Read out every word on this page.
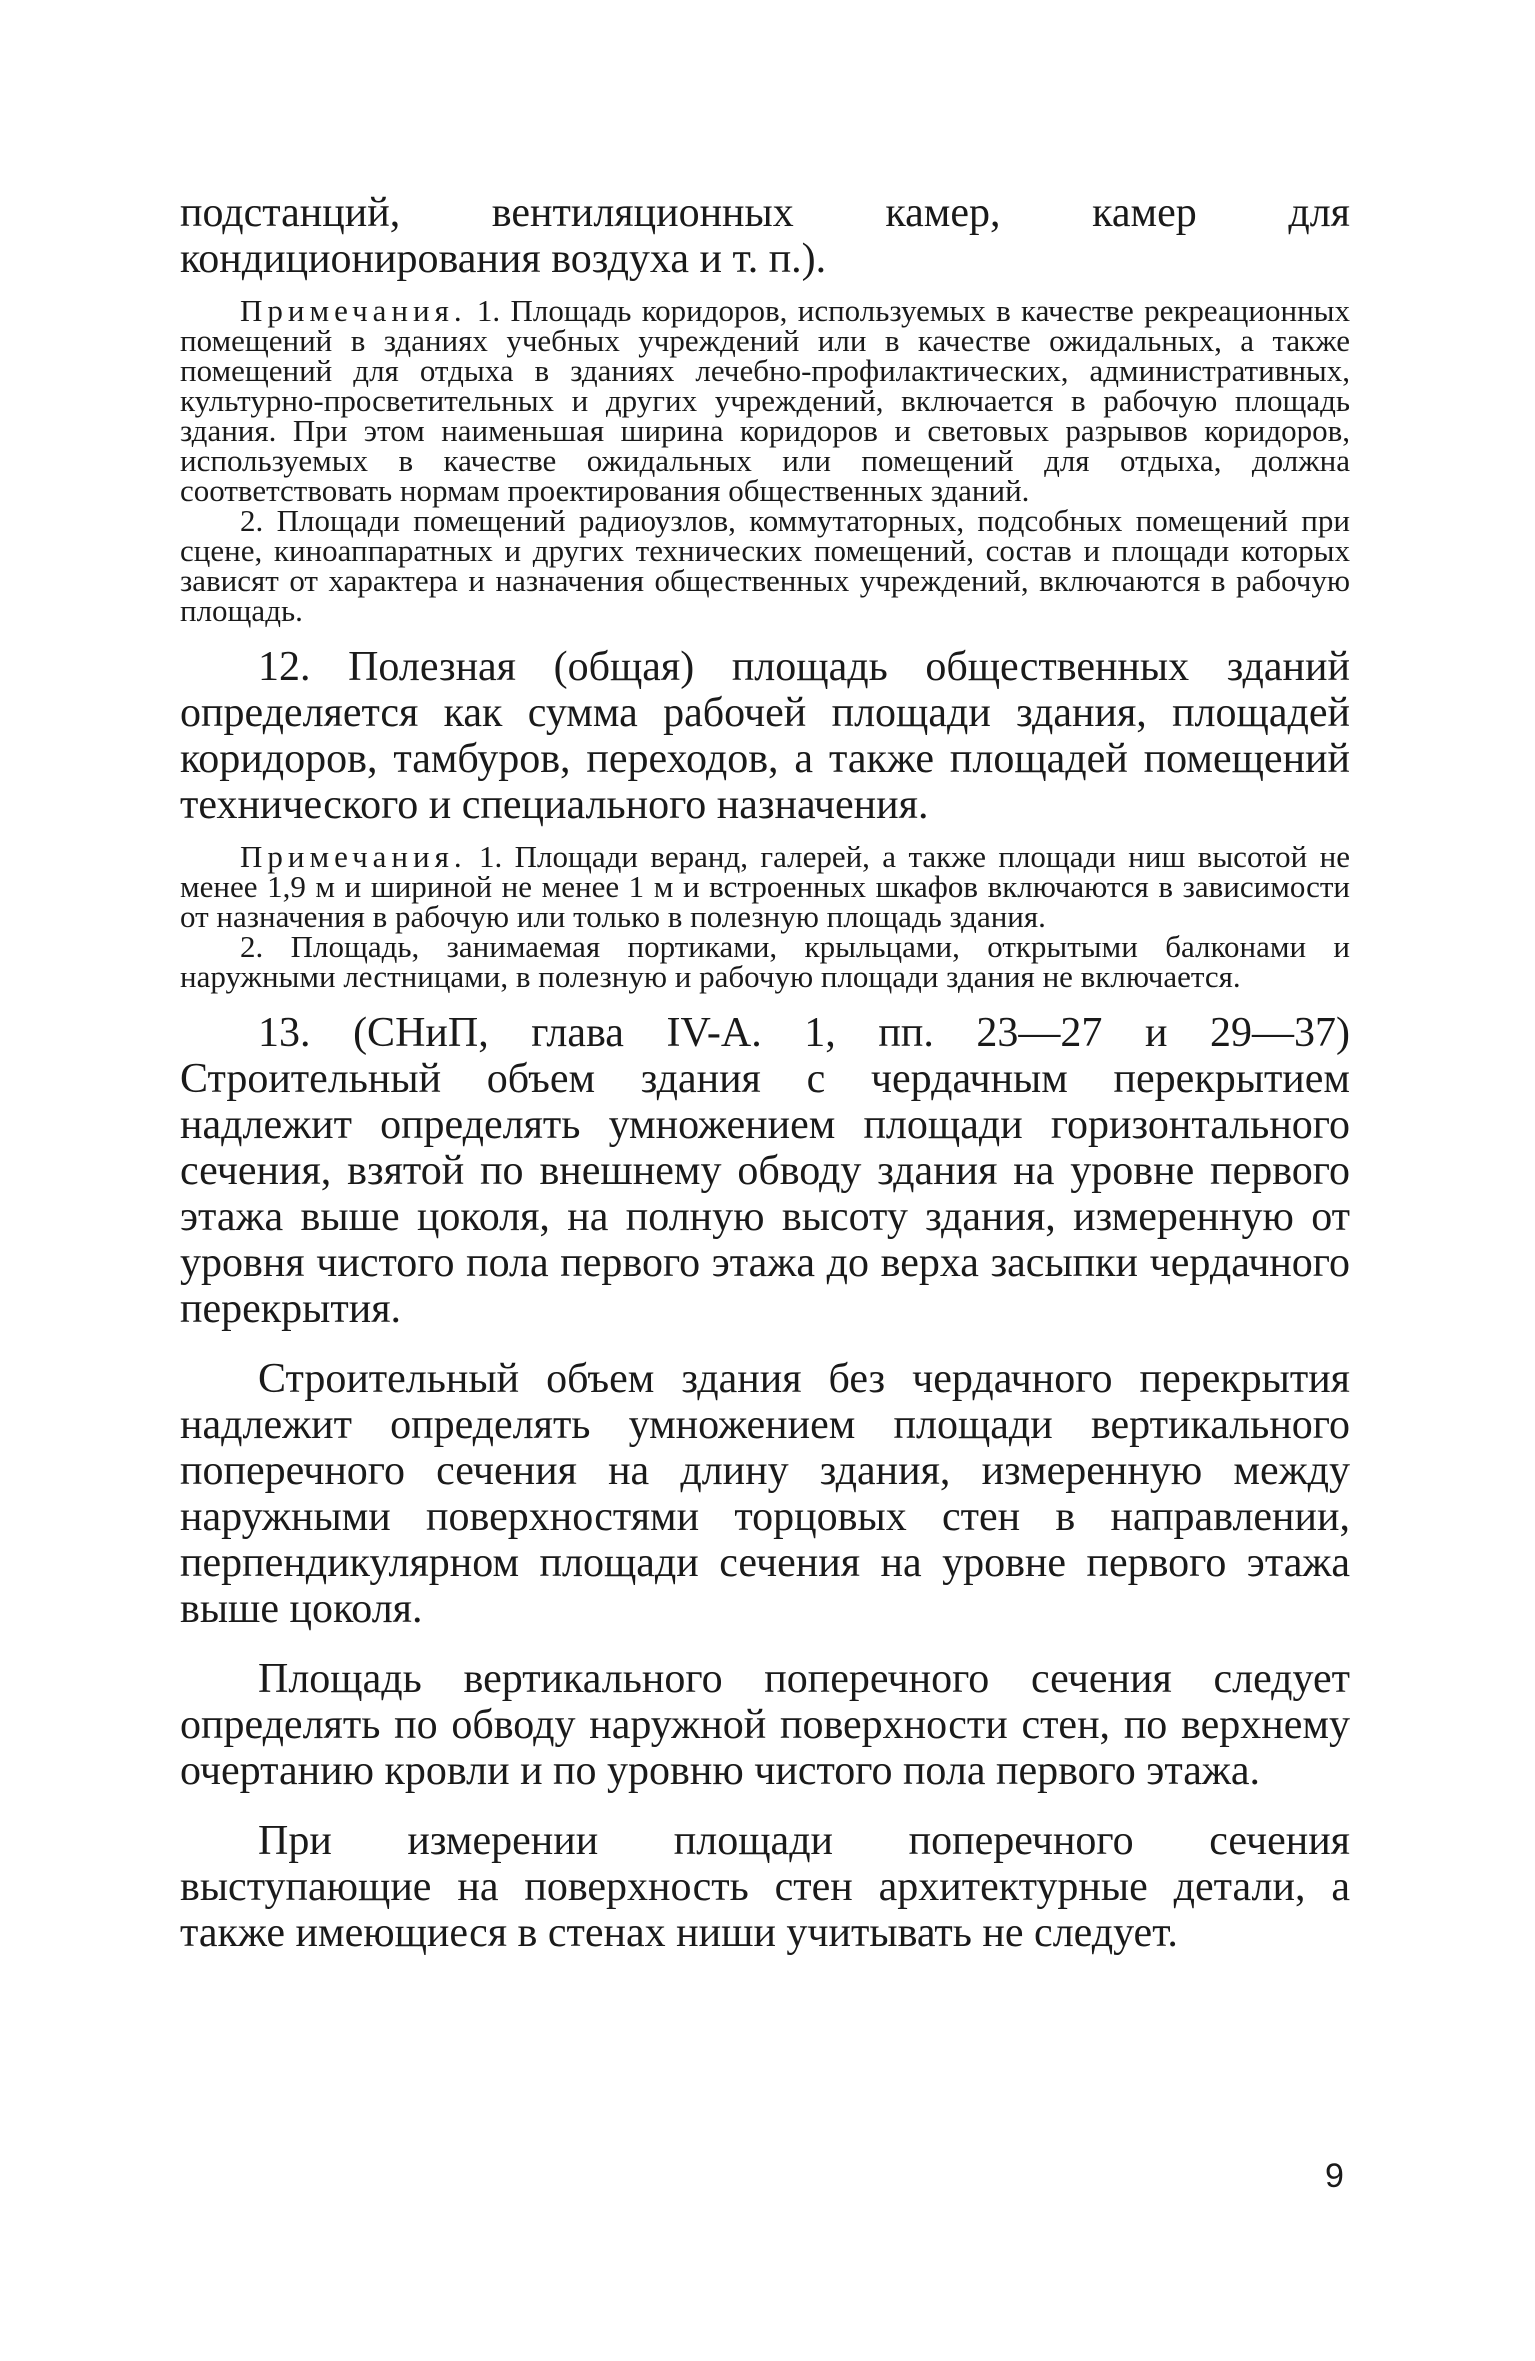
подстанций, вентиляционных камер, камер для кондиционирования воздуха и т. п.).

Примечания. 1. Площадь коридоров, используемых в качестве рекреационных помещений в зданиях учебных учреждений или в качестве ожидальных, а также помещений для отдыха в зданиях лечебно-профилактических, административных, культурно-просветительных и других учреждений, включается в рабочую площадь здания. При этом наименьшая ширина коридоров и световых разрывов коридоров, используемых в качестве ожидальных или помещений для отдыха, должна соответствовать нормам проектирования общественных зданий.

2. Площади помещений радиоузлов, коммутаторных, подсобных помещений при сцене, киноаппаратных и других технических помещений, состав и площади которых зависят от характера и назначения общественных учреждений, включаются в рабочую площадь.

12. Полезная (общая) площадь общественных зданий определяется как сумма рабочей площади здания, площадей коридоров, тамбуров, переходов, а также площадей помещений технического и специального назначения.

Примечания. 1. Площади веранд, галерей, а также площади ниш высотой не менее 1,9 м и шириной не менее 1 м и встроенных шкафов включаются в зависимости от назначения в рабочую или только в полезную площадь здания.

2. Площадь, занимаемая портиками, крыльцами, открытыми балконами и наружными лестницами, в полезную и рабочую площади здания не включается.

13. (СНиП, глава IV-А. 1, пп. 23—27 и 29—37) Строительный объем здания с чердачным перекрытием надлежит определять умножением площади горизонтального сечения, взятой по внешнему обводу здания на уровне первого этажа выше цоколя, на полную высоту здания, измеренную от уровня чистого пола первого этажа до верха засыпки чердачного перекрытия.

Строительный объем здания без чердачного перекрытия надлежит определять умножением площади вертикального поперечного сечения на длину здания, измеренную между наружными поверхностями торцовых стен в направлении, перпендикулярном площади сечения на уровне первого этажа выше цоколя.

Площадь вертикального поперечного сечения следует определять по обводу наружной поверхности стен, по верхнему очертанию кровли и по уровню чистого пола первого этажа.

При измерении площади поперечного сечения выступающие на поверхность стен архитектурные детали, а также имеющиеся в стенах ниши учитывать не следует.

9
